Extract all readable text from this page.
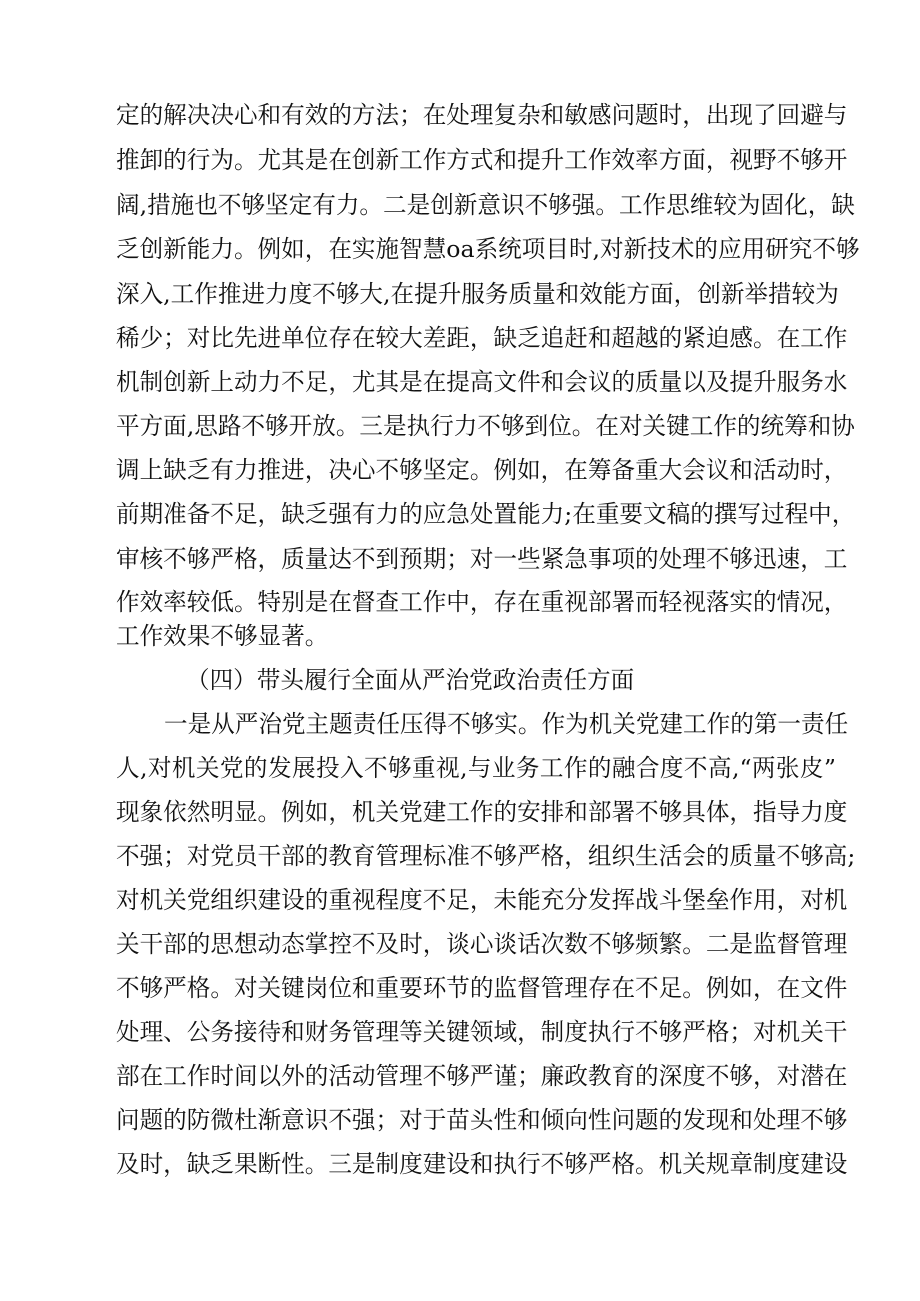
定的解决决心和有效的方法；在处理复杂和敏感问题时，出现了回避与
推卸的行为。尤其是在创新工作方式和提升工作效率方面，视野不够开
阔,措施也不够坚定有力。二是创新意识不够强。工作思维较为固化，缺
乏创新能力。例如，在实施智慧oa系统项目时,对新技术的应用研究不够
深入,工作推进力度不够大,在提升服务质量和效能方面，创新举措较为
稀少；对比先进单位存在较大差距，缺乏追赶和超越的紧迫感。在工作
机制创新上动力不足，尤其是在提高文件和会议的质量以及提升服务水
平方面,思路不够开放。三是执行力不够到位。在对关键工作的统筹和协
调上缺乏有力推进，决心不够坚定。例如，在筹备重大会议和活动时，
前期准备不足，缺乏强有力的应急处置能力;在重要文稿的撰写过程中，
审核不够严格，质量达不到预期；对一些紧急事项的处理不够迅速，工
作效率较低。特别是在督查工作中，存在重视部署而轻视落实的情况，
工作效果不够显著。
（四）带头履行全面从严治党政治责任方面
一是从严治党主题责任压得不够实。作为机关党建工作的第一责任
人,对机关党的发展投入不够重视,与业务工作的融合度不高,“两张皮”
现象依然明显。例如，机关党建工作的安排和部署不够具体，指导力度
不强；对党员干部的教育管理标准不够严格，组织生活会的质量不够高;
对机关党组织建设的重视程度不足，未能充分发挥战斗堡垒作用，对机
关干部的思想动态掌控不及时，谈心谈话次数不够频繁。二是监督管理
不够严格。对关键岗位和重要环节的监督管理存在不足。例如，在文件
处理、公务接待和财务管理等关键领域，制度执行不够严格；对机关干
部在工作时间以外的活动管理不够严谨；廉政教育的深度不够，对潜在
问题的防微杜渐意识不强；对于苗头性和倾向性问题的发现和处理不够
及时，缺乏果断性。三是制度建设和执行不够严格。机关规章制度建设
